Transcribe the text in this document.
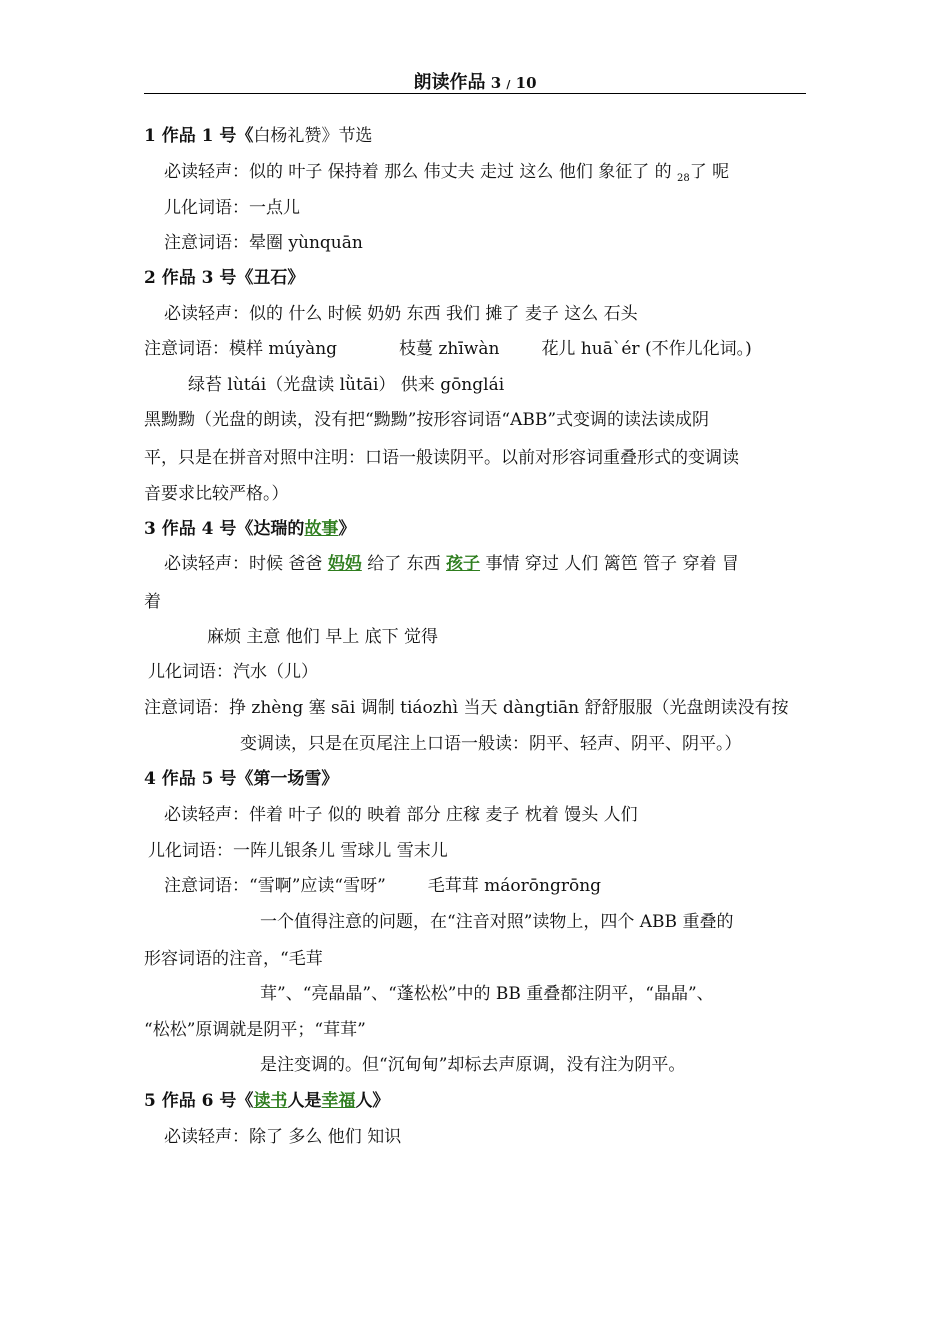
朗读作品 3 / 10
1 作品 1 号《白杨礼赞》节选
必读轻声：似的 叶子 保持着 那么 伟丈夫 走过 这么 他们 象征了 的 $_{28}$了 呢
儿化词语：一点儿
注意词语：晕圈 yùnquān
2 作品 3 号《丑石》
必读轻声：似的 什么 时候 奶奶 东西 我们 摊了 麦子 这么 石头
注意词语：模样 múyàng	枝蔓 zhīwàn 花儿 huā`ér (不作儿化词。)
绿苔 lùtái（光盘读 lǜtāi） 供来 gōnglái
黑黝黝（光盘的朗读，没有把“黝黝”按形容词语“ABB”式变调的读法读成阴
平，只是在拼音对照中注明：口语一般读阴平。以前对形容词重叠形式的变调读
音要求比较严格。）
3 作品 4 号《达瑞的故事》
必读轻声：时候 爸爸 妈妈 给了 东西 孩子 事情 穿过 人们 篱笆 管子 穿着 冒
着
麻烦 主意 他们 早上 底下 觉得
儿化词语：汽水（儿）
注意词语：挣 zhèng 塞 sāi 调制 tiáozhì 当天 dàngtiān 舒舒服服（光盘朗读没有按
变调读，只是在页尾注上口语一般读：阴平、轻声、阴平、阴平。）
4 作品 5 号《第一场雪》
必读轻声：伴着 叶子 似的 映着 部分 庄稼 麦子 枕着 馒头 人们
儿化词语：一阵儿银条儿 雪球儿 雪末儿
注意词语：“雪啊”应读“雪呀” 毛茸茸 máorōngrōng
一个值得注意的问题，在“注音对照”读物上，四个 ABB 重叠的
形容词语的注音，“毛茸
茸”、“亮晶晶”、“蓬松松”中的 BB 重叠都注阴平，“晶晶”、
“松松”原调就是阴平；“茸茸”
是注变调的。但“沉甸甸”却标去声原调，没有注为阴平。
5 作品 6 号《读书人是幸福人》
必读轻声：除了 多么 他们 知识
